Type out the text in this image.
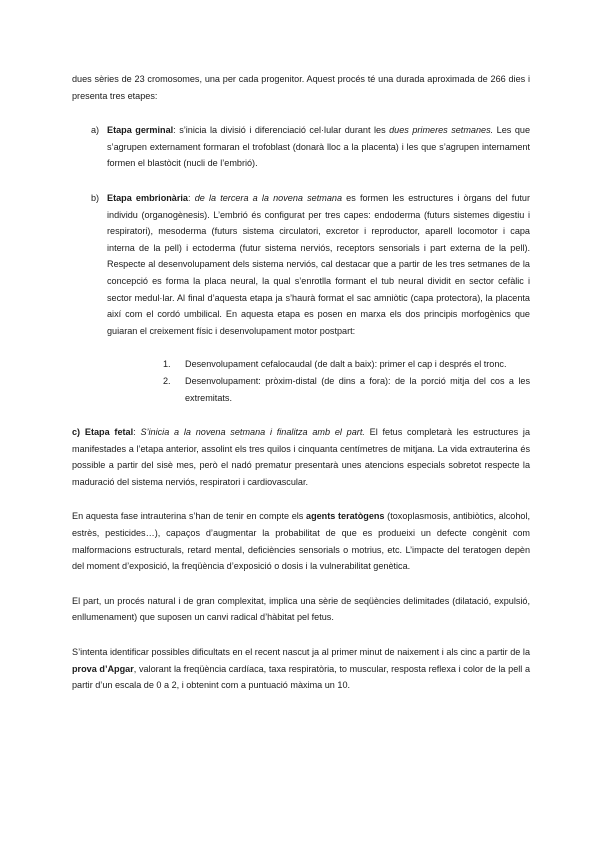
dues sèries de 23 cromosomes, una per cada progenitor. Aquest procés té una durada aproximada de 266 dies i presenta tres etapes:

a) Etapa germinal: s’inicia la divisió i diferenciació cel·lular durant les dues primeres setmanes. Les que s’agrupen externament formaran el trofoblast (donarà lloc a la placenta) i les que s’agrupen internament formen el blastòcit (nucli de l’embrió).

b) Etapa embrionària: de la tercera a la novena setmana es formen les estructures i òrgans del futur individu (organogènesis). L’embrió és configurat per tres capes: endoderma (futurs sistemes digestiu i respiratori), mesoderma (futurs sistema circulatori, excretor i reproductor, aparell locomotor i capa interna de la pell) i ectoderma (futur sistema nerviós, receptors sensorials i part externa de la pell). Respecte al desenvolupament dels sistema nerviós, cal destacar que a partir de les tres setmanes de la concepció es forma la placa neural, la qual s’enrotlla formant el tub neural dividit en sector cefàlic i sector medul·lar. Al final d’aquesta etapa ja s’haurà format el sac amniòtic (capa protectora), la placenta així com el cordó umbilical. En aquesta etapa es posen en marxa els dos principis morfogènics que guiaran el creixement físic i desenvolupament motor postpart:

1. Desenvolupament cefalocaudal (de dalt a baix): primer el cap i després el tronc.
2. Desenvolupament: pròxim-distal (de dins a fora): de la porció mitja del cos a les extremitats.

c) Etapa fetal: S’inicia a la novena setmana i finalitza amb el part. El fetus completarà les estructures ja manifestades a l’etapa anterior, assolint els tres quilos i cinquanta centímetres de mitjana. La vida extrauterina és possible a partir del sisè mes, però el nadó prematur presentarà unes atencions especials sobretot respecte la maduració del sistema nerviós, respiratori i cardiovascular.

En aquesta fase intrauterina s’han de tenir en compte els agents teratògens (toxoplasmosis, antibiòtics, alcohol, estrès, pesticides…), capaços d’augmentar la probabilitat de que es produeixi un defecte congènit com malformacions estructurals, retard mental, deficiències sensorials o motrius, etc. L’impacte del teratogen depèn del moment d’exposició, la freqüència d’exposició o dosis i la vulnerabilitat genètica.

El part, un procés natural i de gran complexitat, implica una sèrie de seqüències delimitades (dilatació, expulsió, enllumenament) que suposen un canvi radical d’hàbitat pel fetus.

S’intenta identificar possibles dificultats en el recent nascut ja al primer minut de naixement i als cinc a partir de la prova d’Apgar, valorant la freqüència cardíaca, taxa respiratòria, to muscular, resposta reflexa i color de la pell a partir d’un escala de 0 a 2, i obtenint com a puntuació màxima un 10.
